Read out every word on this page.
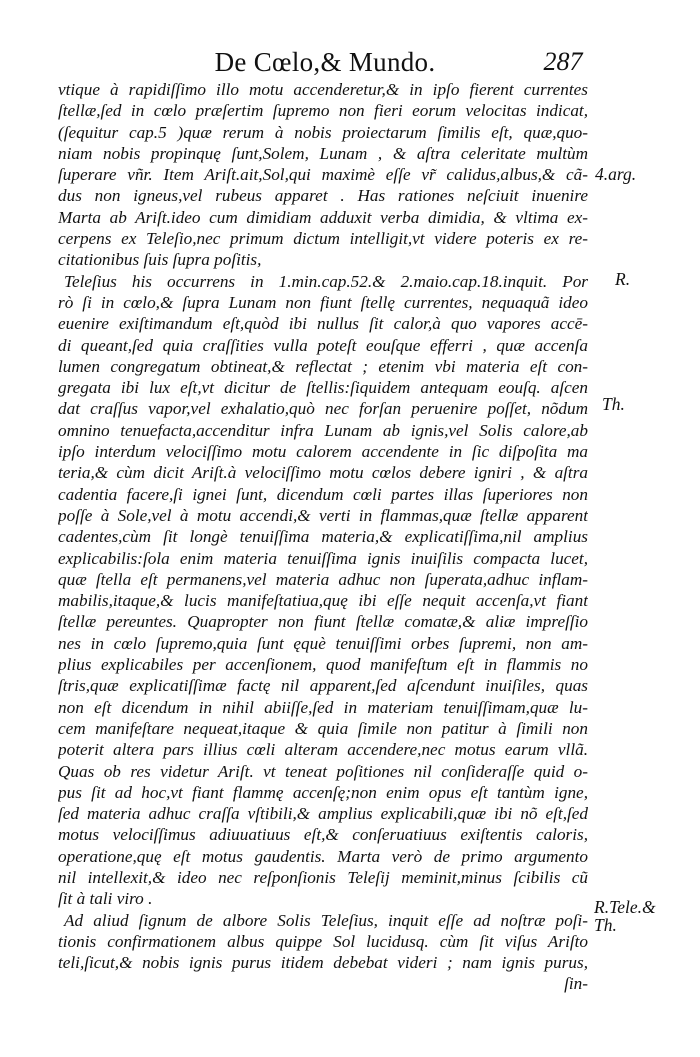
De Cœlo,& Mundo.	287
vtique à rapidiſſimo illo motu accenderetur,& in ipſo fierent currentes
ſtellæ,ſed in cœlo præſertim ſupremo non fieri eorum velocitas indicat,
(ſequitur cap.5 )quæ rerum à nobis proiectarum ſimilis eſt, quæ,quo-
niam nobis propinquę ſunt,Solem, Lunam , & aſtra celeritate multùm
ſuperare vñr. Item Ariſt.ait,Sol,qui maximè eſſe vr̃ calidus,albus,& cã-
dus non igneus,vel rubeus apparet . Has rationes neſciuit inuenire
Marta ab Ariſt.ideo cum dimidiam adduxit verba dimidia, & vltima ex-
cerpens ex Teleſio,nec primum dictum intelligit,vt videre poteris ex re-
citationibus ſuis ſupra poſitis,
Teleſius his occurrens in 1.min.cap.52.& 2.maio.cap.18.inquit. Por
rò ſi in cœlo,& ſupra Lunam non fiunt ſtellę currentes, nequaquã ideo
euenire exiſtimandum eſt,quòd ibi nullus ſit calor,à quo vapores accē-
di queant,ſed quia craſſities vulla poteſt eouſque efferri , quæ accenſa
lumen congregatum obtineat,& reflectat ; etenim vbi materia eſt con-
gregata ibi lux eſt,vt dicitur de ſtellis:ſiquidem antequam eouſq. aſcen
dat craſſus vapor,vel exhalatio,quò nec forſan peruenire poſſet, nõdum
omnino tenuefacta,accenditur infra Lunam ab ignis,vel Solis calore,ab
ipſo interdum velociſſimo motu calorem accendente in ſic diſpoſita ma
teria,& cùm dicit Ariſt.à velociſſimo motu cœlos debere igniri , & aſtra
cadentia facere,ſi ignei ſunt, dicendum cœli partes illas ſuperiores non
poſſe à Sole,vel à motu accendi,& verti in flammas,quæ ſtellæ apparent
cadentes,cùm ſit longè tenuiſſima materia,& explicatiſſima,nil amplius
explicabilis:ſola enim materia tenuiſſima ignis inuiſilis compacta lucet,
quæ ſtella eſt permanens,vel materia adhuc non ſuperata,adhuc inflam-
mabilis,itaque,& lucis manifeſtatiua,quę ibi eſſe nequit accenſa,vt fiant
ſtellæ pereuntes. Quapropter non fiunt ſtellæ comatæ,& aliæ impreſſio
nes in cœlo ſupremo,quia ſunt ęquè tenuiſſimi orbes ſupremi, non am-
plius explicabiles per accenſionem, quod manifeſtum eſt in flammis no
ſtris,quæ explicatiſſimæ factę nil apparent,ſed aſcendunt inuiſiles, quas
non eſt dicendum in nihil abiiſſe,ſed in materiam tenuiſſimam,quæ lu-
cem manifeſtare nequeat,itaque & quia ſimile non patitur à ſimili non
poterit altera pars illius cœli alteram accendere,nec motus earum vllã.
Quas ob res videtur Ariſt. vt teneat poſitiones nil conſideraſſe quid o-
pus ſit ad hoc,vt fiant flammę accenſę;non enim opus eſt tantùm igne,
ſed materia adhuc craſſa vſtibili,& amplius explicabili,quæ ibi nõ eſt,ſed
motus velociſſimus adiuuatiuus eſt,& conſeruatiuus exiſtentis caloris,
operatione,quę eſt motus gaudentis. Marta verò de primo argumento
nil intellexit,& ideo nec reſponſionis Teleſij meminit,minus ſcibilis cũ
ſit à tali viro .
Ad aliud ſignum de albore Solis Teleſius, inquit eſſe ad noſtræ poſi-
tionis confirmationem albus quippe Sol lucidusq. cùm ſit viſus Ariſto
teli,ſicut,& nobis ignis purus itidem debebat videri ; nam ignis purus,
ſin-
4.arg.
R.
Th.
R.Tele.&
Th.
